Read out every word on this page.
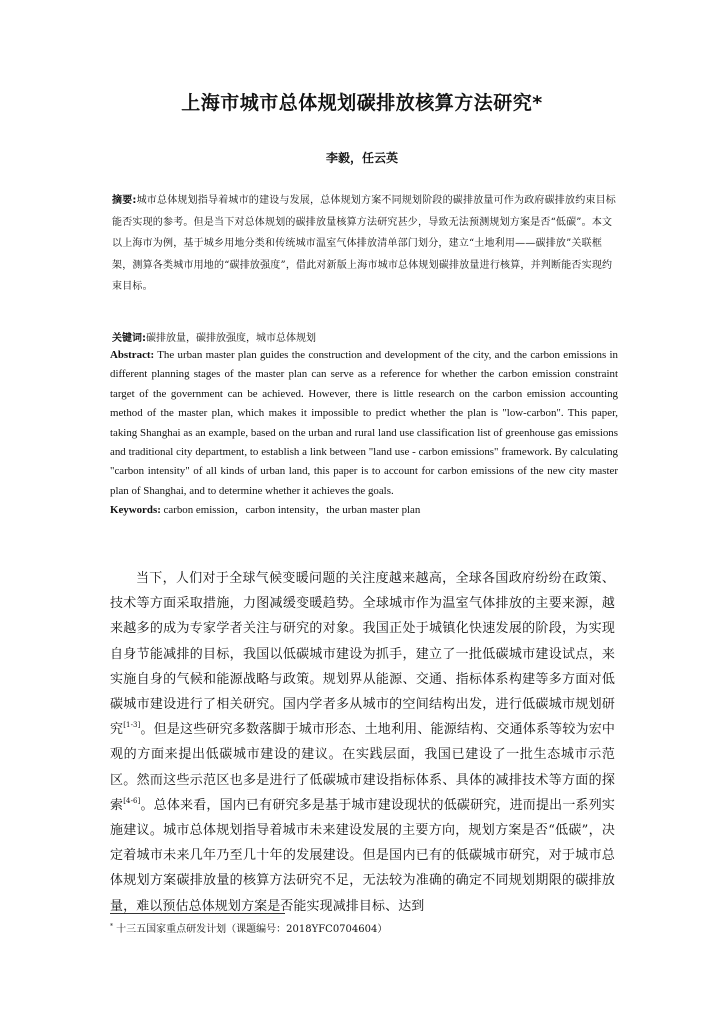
上海市城市总体规划碳排放核算方法研究*

李毅，任云英

摘要:城市总体规划指导着城市的建设与发展，总体规划方案不同规划阶段的碳排放量可作为政府碳排放约束目标能否实现的参考。但是当下对总体规划的碳排放量核算方法研究甚少，导致无法预测规划方案是否“低碳”。本文以上海市为例，基于城乡用地分类和传统城市温室气体排放清单部门划分，建立“土地利用——碳排放”关联框架，测算各类城市用地的“碳排放强度”，借此对新版上海市城市总体规划碳排放量进行核算，并判断能否实现约束目标。

关键词:碳排放量，碳排放强度，城市总体规划

Abstract: The urban master plan guides the construction and development of the city, and the carbon emissions in different planning stages of the master plan can serve as a reference for whether the carbon emission constraint target of the government can be achieved. However, there is little research on the carbon emission accounting method of the master plan, which makes it impossible to predict whether the plan is "low-carbon". This paper, taking Shanghai as an example, based on the urban and rural land use classification list of greenhouse gas emissions and traditional city department, to establish a link between "land use - carbon emissions" framework. By calculating "carbon intensity" of all kinds of urban land, this paper is to account for carbon emissions of the new city master plan of Shanghai, and to determine whether it achieves the goals.

Keywords: carbon emission，carbon intensity，the urban master plan

当下，人们对于全球气候变暖问题的关注度越来越高，全球各国政府纷纷在政策、技术等方面采取措施，力图减缓变暖趋势。全球城市作为温室气体排放的主要来源，越来越多的成为专家学者关注与研究的对象。我国正处于城镇化快速发展的阶段，为实现自身节能减排的目标，我国以低碳城市建设为抓手，建立了一批低碳城市建设试点，来实施自身的气候和能源战略与政策。规划界从能源、交通、指标体系构建等多方面对低碳城市建设进行了相关研究。国内学者多从城市的空间结构出发，进行低碳城市规划研究[1-3]。但是这些研究多数落脚于城市形态、土地利用、能源结构、交通体系等较为宏中观的方面来提出低碳城市建设的建议。在实践层面，我国已建设了一批生态城市示范区。然而这些示范区也多是进行了低碳城市建设指标体系、具体的减排技术等方面的探索[4-6]。总体来看，国内已有研究多是基于城市建设现状的低碳研究，进而提出一系列实施建议。城市总体规划指导着城市未来建设发展的主要方向，规划方案是否“低碳”，决定着城市未来几年乃至几十年的发展建设。但是国内已有的低碳城市研究，对于城市总体规划方案碳排放量的核算方法研究不足，无法较为准确的确定不同规划期限的碳排放量，难以预估总体规划方案是否能实现减排目标、达到

* 十三五国家重点研发计划（课题编号：2018YFC0704604）
